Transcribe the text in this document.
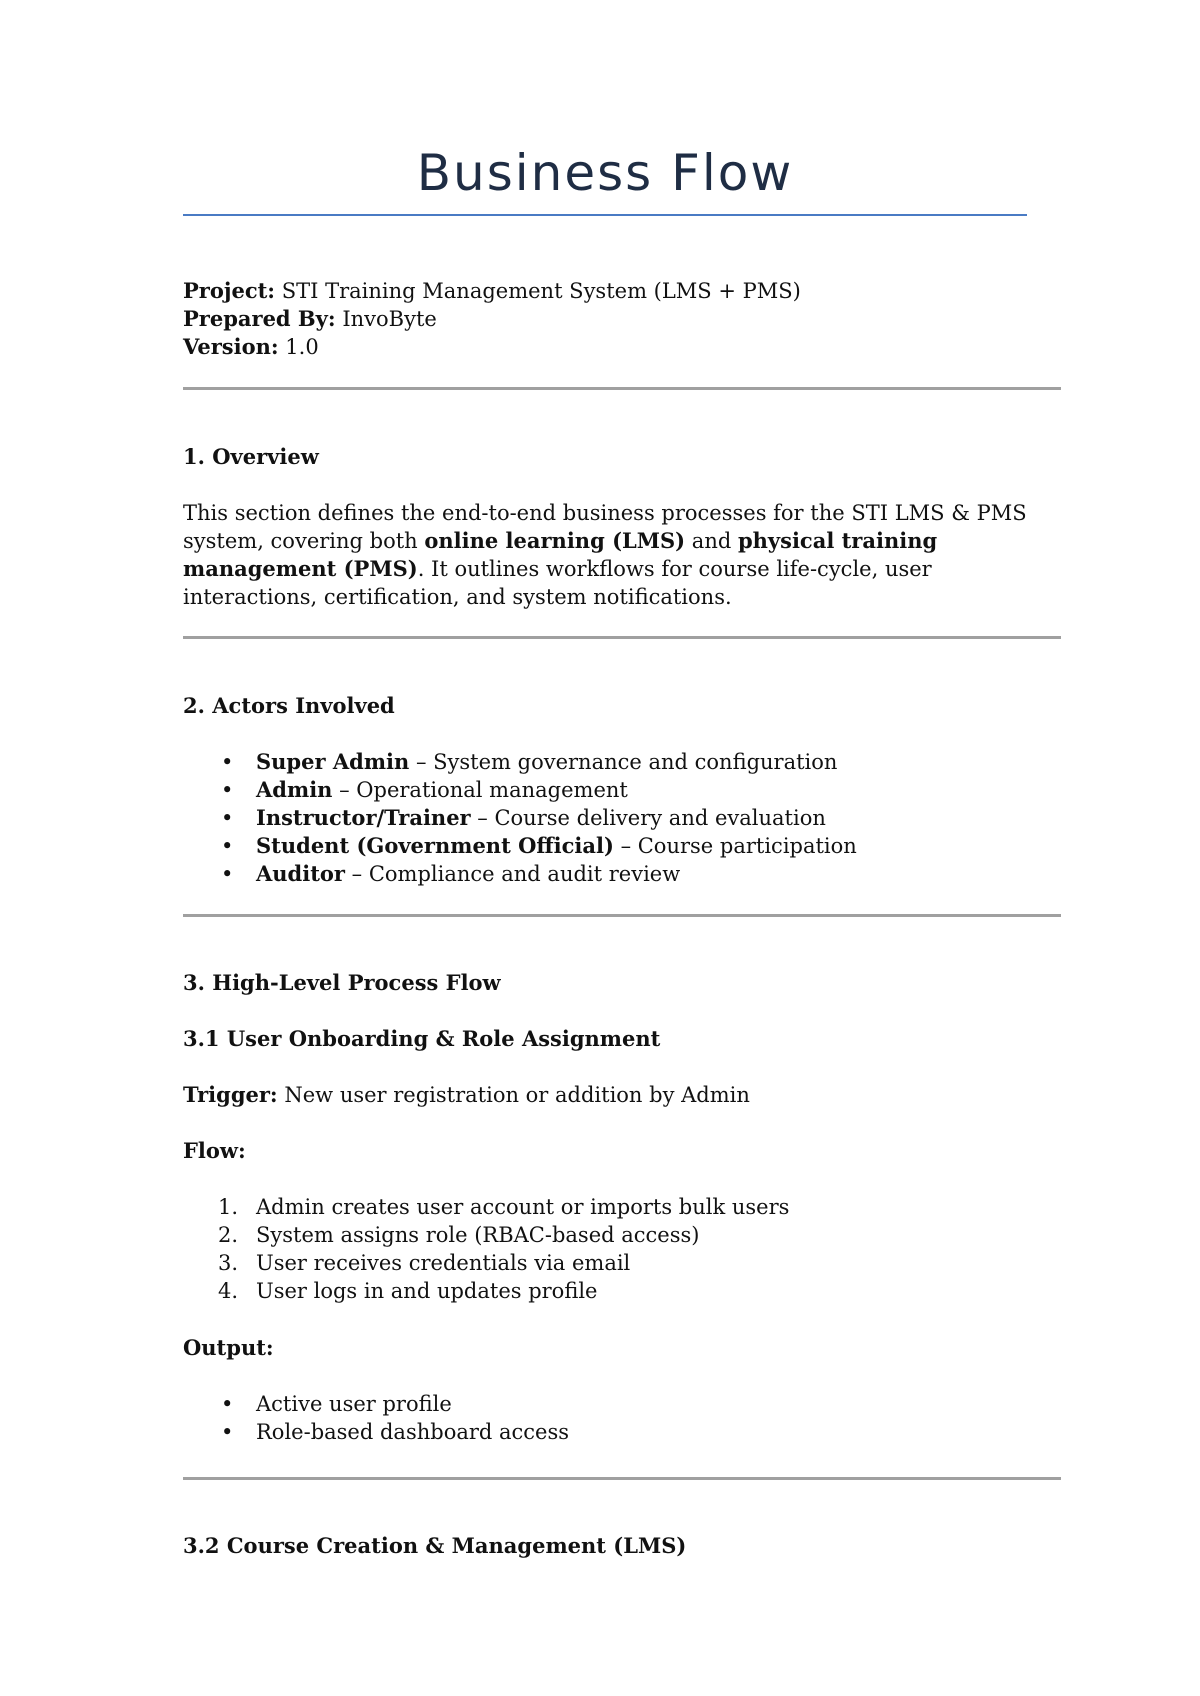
Business Flow

Project: STI Training Management System (LMS + PMS)

Prepared By: InvoByte

Version: 1.0

1. Overview

This section defines the end-to-end business processes for the STI LMS & PMS system, covering both online learning (LMS) and physical training management (PMS). It outlines workflows for course life-cycle, user interactions, certification, and system notifications.

2. Actors Involved

• Super Admin – System governance and configuration
• Admin – Operational management
• Instructor/Trainer – Course delivery and evaluation
• Student (Government Official) – Course participation
• Auditor – Compliance and audit review

3. High-Level Process Flow

3.1 User Onboarding & Role Assignment

Trigger: New user registration or addition by Admin

Flow:

1. Admin creates user account or imports bulk users
2. System assigns role (RBAC-based access)
3. User receives credentials via email
4. User logs in and updates profile

Output:

• Active user profile
• Role-based dashboard access

3.2 Course Creation & Management (LMS)
